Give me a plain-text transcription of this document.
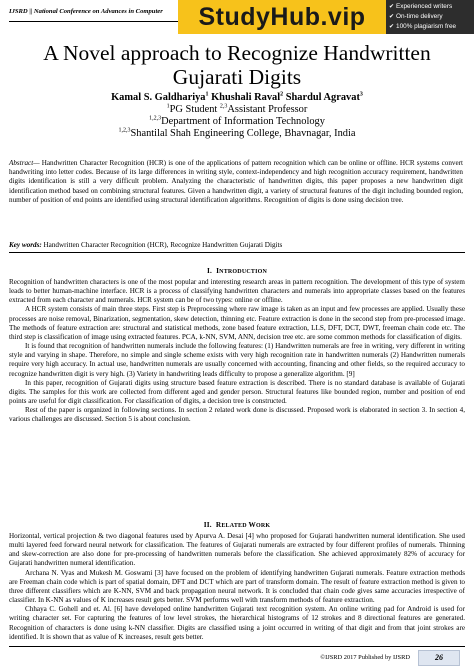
IJSRD || National Conference on Advances in Computer StudyHub.vip	✔ Experienced writers
✔ On-time delivery
✔ 100% plagiarism free
A Novel approach to Recognize Handwritten
Gujarati Digits
Kamal S. Galdhariya$^1$ Khushali Raval$^2$ Shardul Agravat$^3$
$^1$PG Student $^{2,3}$Assistant Professor
$^{1,2,3}$Department of Information Technology
$^{1,2,3}$Shantilal Shah Engineering College, Bhavnagar, India
Abstract— Handwritten Character Recognition (HCR) is one of the applications of pattern recognition which can be online or offline. HCR systems convert handwriting into letter codes. Because of its large differences in writing style, context-independency and high recognition accuracy requirement, handwritten digits identification is still a very difficult problem. Analyzing the characteristic of handwritten digits, this paper proposes a new handwritten digit identification method based on combining structural features. Given a handwritten digit, a variety of structural features of the digit including bounded region, number of position of end points are identified using structural identification algorithms. Recognition of digits is done using decision tree.
Key words: Handwritten Character Recognition (HCR), Recognize Handwritten Gujarati Digits
I. INTRODUCTION

Recognition of handwritten characters is one of the most popular and interesting research areas in pattern recognition. The development of this type of system leads to better human-machine interface. HCR is a process of classifying handwritten characters and numerals into appropriate classes based on the features extracted from each character and numerals. HCR system can be of two types: online or offline.

A HCR system consists of main three steps. First step is Preprocessing where raw image is taken as an input and few processes are applied. Usually these processes are noise removal, Binarization, segmentation, skew detection, thinning etc. Feature extraction is done in the second step from pre-processed image. The methods of feature extraction are: structural and statistical methods, zone based feature extraction, LLS, DFT, DCT, DWT, freeman chain code etc. The third step is classification of image using extracted features. PCA, k-NN, SVM, ANN, decision tree etc. are some common methods for classification of digits.

It is found that recognition of handwritten numerals include the following features: (1) Handwritten numerals are free in writing, very different in writing style and varying in shape. Therefore, no simple and single scheme exists with very high recognition rate in handwritten numerals (2) Handwritten numerals require very high accuracy. In actual use, handwritten numerals are usually concerned with accounting, financing and other fields, so the required accuracy to recognize handwritten digit is very high. (3) Variety in handwriting leads difficulty to propose a generalize algorithm. [9]

In this paper, recognition of Gujarati digits using structure based feature extraction is described. There is no standard database is available of Gujarati digits. The samples for this work are collected from different aged and gender person. Structural features like bounded region, number and position of end points are useful for digit classification. For classification of digits, a decision tree is constructed.

Rest of the paper is organized in following sections. In section 2 related work done is discussed. Proposed work is elaborated in section 3. In section 4, various challenges are discussed. Section 5 is about conclusion.

II. RELATED WORK

Horizontal, vertical projection & two diagonal features used by Apurva A. Desai [4] who proposed for Gujarati handwritten numeral identification. She used multi layered feed forward neural network for classification. The features of Gujarati numerals are extracted by four different profiles of numerals. Thinning and skew-correction are also done for pre-processing of handwritten numerals before the classification. She achieved approximately 82% of accuracy for Gujarati handwritten numeral identification.

Archana N. Vyas and Mukesh M. Goswami [3] have focused on the problem of identifying handwritten Gujarati numerals. Feature extraction methods are Freeman chain code which is part of spatial domain, DFT and DCT which are part of transform domain. The result of feature extraction method is given to three different classifiers which are K-NN, SVM and back propagation neural network. It is concluded that chain code gives same accuracies irrespective of classifier. In K-NN as values of K increases result gets better. SVM performs well with transform methods of feature extraction.

Chhaya C. Gohell and et. Al. [6] have developed online handwritten Gujarati text recognition system. An online writing pad for Android is used for writing character set. For capturing the features of low level strokes, the hierarchical histograms of 12 strokes and 8 directional features are generated. Recognition of characters is done using k-NN classifier. Digits are classified using a joint occurred in writing of that digit and from that joint strokes are identified. It is shown that as value of K increases, result gets better.

©IJSRD 2017 Published by IJSRD	26
